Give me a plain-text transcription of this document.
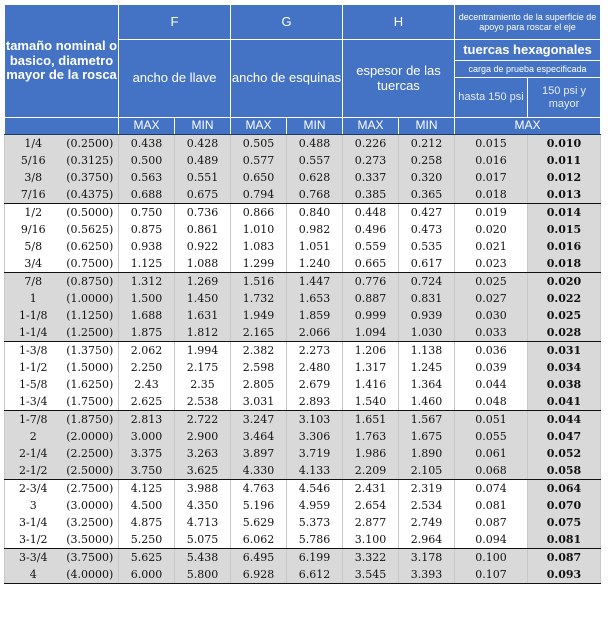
tamaño nominal o basico, diametro mayor de la rosca		F		G		H		decentramiento de la superficie de apoyo para roscar el eje	
		ancho de llave		ancho de esquinas		espesor de las tuercas		tuercas hexagonales	
								carga de prueba especificada	
								hasta 150 psi	150 psi y mayor
		MAX	MIN	MAX	MIN	MAX	MIN	MAX	
1/4	(0.2500)	0.438	0.428	0.505	0.488	0.226	0.212	0.015	0.010
5/16	(0.3125)	0.500	0.489	0.577	0.557	0.273	0.258	0.016	0.011
3/8	(0.3750)	0.563	0.551	0.650	0.628	0.337	0.320	0.017	0.012
7/16	(0.4375)	0.688	0.675	0.794	0.768	0.385	0.365	0.018	0.013
1/2	(0.5000)	0.750	0.736	0.866	0.840	0.448	0.427	0.019	0.014
9/16	(0.5625)	0.875	0.861	1.010	0.982	0.496	0.473	0.020	0.015
5/8	(0.6250)	0.938	0.922	1.083	1.051	0.559	0.535	0.021	0.016
3/4	(0.7500)	1.125	1.088	1.299	1.240	0.665	0.617	0.023	0.018
7/8	(0.8750)	1.312	1.269	1.516	1.447	0.776	0.724	0.025	0.020
1	(1.0000)	1.500	1.450	1.732	1.653	0.887	0.831	0.027	0.022
1-1/8	(1.1250)	1.688	1.631	1.949	1.859	0.999	0.939	0.030	0.025
1-1/4	(1.2500)	1.875	1.812	2.165	2.066	1.094	1.030	0.033	0.028
1-3/8	(1.3750)	2.062	1.994	2.382	2.273	1.206	1.138	0.036	0.031
1-1/2	(1.5000)	2.250	2.175	2.598	2.480	1.317	1.245	0.039	0.034
1-5/8	(1.6250)	2.43	2.35	2.805	2.679	1.416	1.364	0.044	0.038
1-3/4	(1.7500)	2.625	2.538	3.031	2.893	1.540	1.460	0.048	0.041
1-7/8	(1.8750)	2.813	2.722	3.247	3.103	1.651	1.567	0.051	0.044
2	(2.0000)	3.000	2.900	3.464	3.306	1.763	1.675	0.055	0.047
2-1/4	(2.2500)	3.375	3.263	3.897	3.719	1.986	1.890	0.061	0.052
2-1/2	(2.5000)	3.750	3.625	4.330	4.133	2.209	2.105	0.068	0.058
2-3/4	(2.7500)	4.125	3.988	4.763	4.546	2.431	2.319	0.074	0.064
3	(3.0000)	4.500	4.350	5.196	4.959	2.654	2.534	0.081	0.070
3-1/4	(3.2500)	4.875	4.713	5.629	5.373	2.877	2.749	0.087	0.075
3-1/2	(3.5000)	5.250	5.075	6.062	5.786	3.100	2.964	0.094	0.081
3-3/4	(3.7500)	5.625	5.438	6.495	6.199	3.322	3.178	0.100	0.087
4	(4.0000)	6.000	5.800	6.928	6.612	3.545	3.393	0.107	0.093
